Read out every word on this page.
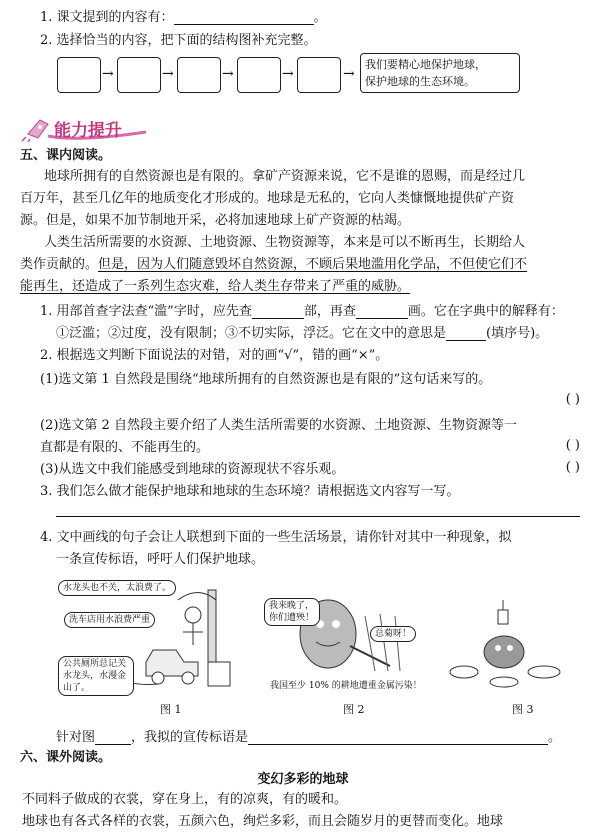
1. 课文提到的内容有：	。
2. 选择恰当的内容，把下面的结构图补充完整。
→	→	→	→	→
我们要精心地保护地球，
保护地球的生态环境。
能力提升
五、课内阅读。
地球所拥有的自然资源也是有限的。拿矿产资源来说，它不是谁的恩赐，而是经过几
百万年，甚至几亿年的地质变化才形成的。地球是无私的，它向人类慷慨地提供矿产资
源。但是，如果不加节制地开采，必将加速地球上矿产资源的枯竭。
人类生活所需要的水资源、土地资源、生物资源等，本来是可以不断再生，长期给人
类作贡献的。但是，因为人们随意毁坏自然资源，不顾后果地滥用化学品，不但使它们不
能再生，还造成了一系列生态灾难，给人类生存带来了严重的威胁。
1. 用部首查字法查“滥”字时，应先查	部，再查	画。它在字典中的解释有：
①泛滥；②过度，没有限制；③不切实际，浮泛。它在文中的意思是	(填序号)。
2. 根据选文判断下面说法的对错，对的画“√”，错的画“×”。
(1)选文第 1 自然段是围绕“地球所拥有的自然资源也是有限的”这句话来写的。
( )
(2)选文第 2 自然段主要介绍了人类生活所需要的水资源、土地资源、生物资源等一
直都是有限的、不能再生的。	( )
(3)从选文中我们能感受到地球的资源现状不容乐观。	( )
3. 我们怎么做才能保护地球和地球的生态环境？请根据选文内容写一写。
4. 文中画线的句子会让人联想到下面的一些生活场景，请你针对其中一种现象，拟
一条宣传标语，呼吁人们保护地球。
水龙头也不关，太浪费了。
洗车店用水浪费严重
公共厕所总记关水龙头，水漫金山了。
我来晚了，你们遭殃！
总菊呀！
我国至少 10% 的耕地遭重金属污染！
图 1	图 2	图 3
针对图	，我拟的宣传标语是	。
六、课外阅读。
变幻多彩的地球
不同料子做成的衣裳，穿在身上，有的凉爽，有的暖和。
地球也有各式各样的衣裳，五颜六色，绚烂多彩，而且会随岁月的更替而变化。地球
